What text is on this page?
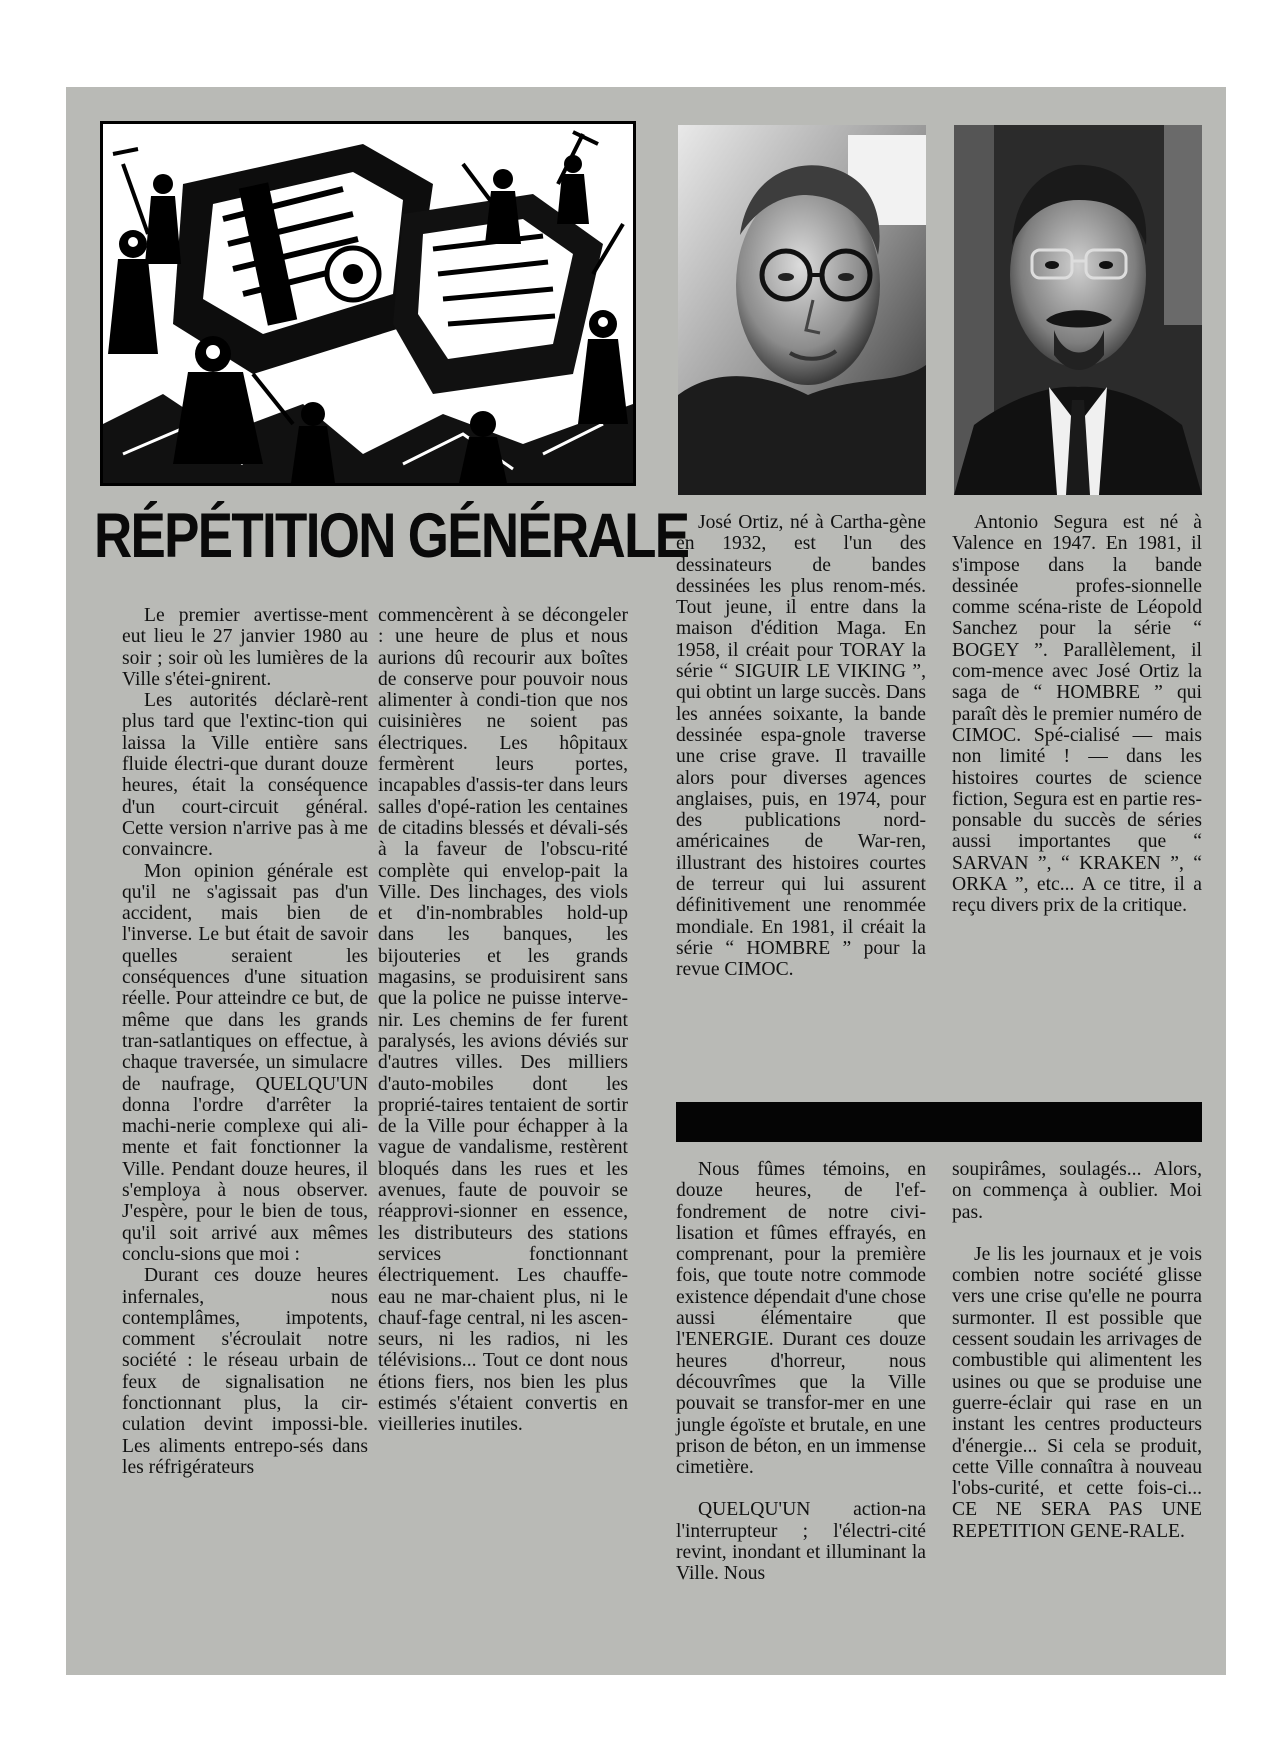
RÉPÉTITION GÉNÉRALE

Le premier avertisse-ment eut lieu le 27 janvier 1980 au soir ; soir où les lumières de la Ville s'étei-gnirent.

Les autorités déclarè-rent plus tard que l'extinc-tion qui laissa la Ville entière sans fluide électri-que durant douze heures, était la conséquence d'un court-circuit général. Cette version n'arrive pas à me convaincre.

Mon opinion générale est qu'il ne s'agissait pas d'un accident, mais bien de l'inverse. Le but était de savoir quelles seraient les conséquences d'une situation réelle. Pour atteindre ce but, de même que dans les grands tran-satlantiques on effectue, à chaque traversée, un simulacre de naufrage, QUELQU'UN donna l'ordre d'arrêter la machi-nerie complexe qui ali-mente et fait fonctionner la Ville. Pendant douze heures, il s'employa à nous observer. J'espère, pour le bien de tous, qu'il soit arrivé aux mêmes conclu-sions que moi :

Durant ces douze heures infernales, nous contemplâmes, impotents, comment s'écroulait notre société : le réseau urbain de feux de signalisation ne fonctionnant plus, la cir-culation devint impossi-ble. Les aliments entrepo-sés dans les réfrigérateurs

commencèrent à se décongeler : une heure de plus et nous aurions dû recourir aux boîtes de conserve pour pouvoir nous alimenter à condi-tion que nos cuisinières ne soient pas électriques. Les hôpitaux fermèrent leurs portes, incapables d'assis-ter dans leurs salles d'opé-ration les centaines de citadins blessés et dévali-sés à la faveur de l'obscu-rité complète qui envelop-pait la Ville. Des linchages, des viols et d'in-nombrables hold-up dans les banques, les bijouteries et les grands magasins, se produisirent sans que la police ne puisse interve-nir. Les chemins de fer furent paralysés, les avions déviés sur d'autres villes. Des milliers d'auto-mobiles dont les proprié-taires tentaient de sortir de la Ville pour échapper à la vague de vandalisme, restèrent bloqués dans les rues et les avenues, faute de pouvoir se réapprovi-sionner en essence, les distributeurs des stations services fonctionnant électriquement. Les chauffe-eau ne mar-chaient plus, ni le chauf-fage central, ni les ascen-seurs, ni les radios, ni les télévisions... Tout ce dont nous étions fiers, nos bien les plus estimés s'étaient convertis en vieilleries inutiles.

José Ortiz, né à Cartha-gène en 1932, est l'un des dessinateurs de bandes dessinées les plus renom-més. Tout jeune, il entre dans la maison d'édition Maga. En 1958, il créait pour TORAY la série “ SIGUIR LE VIKING ”, qui obtint un large succès. Dans les années soixante, la bande dessinée espa-gnole traverse une crise grave. Il travaille alors pour diverses agences anglaises, puis, en 1974, pour des publications nord-américaines de War-ren, illustrant des histoires courtes de terreur qui lui assurent définitivement une renommée mondiale. En 1981, il créait la série “ HOMBRE ” pour la revue CIMOC.

Antonio Segura est né à Valence en 1947. En 1981, il s'impose dans la bande dessinée profes-sionnelle comme scéna-riste de Léopold Sanchez pour la série “ BOGEY ”. Parallèlement, il com-mence avec José Ortiz la saga de “ HOMBRE ” qui paraît dès le premier numéro de CIMOC. Spé-cialisé — mais non limité ! — dans les histoires courtes de science fiction, Segura est en partie res-ponsable du succès de séries aussi importantes que “ SARVAN ”, “ KRAKEN ”, “ ORKA ”, etc... A ce titre, il a reçu divers prix de la critique.

Nous fûmes témoins, en douze heures, de l'ef-fondrement de notre civi-lisation et fûmes effrayés, en comprenant, pour la première fois, que toute notre commode existence dépendait d'une chose aussi élémentaire que l'ENERGIE. Durant ces douze heures d'horreur, nous découvrîmes que la Ville pouvait se transfor-mer en une jungle égoïste et brutale, en une prison de béton, en un immense cimetière.

QUELQU'UN action-na l'interrupteur ; l'électri-cité revint, inondant et illuminant la Ville. Nous

soupirâmes, soulagés... Alors, on commença à oublier. Moi pas.

Je lis les journaux et je vois combien notre société glisse vers une crise qu'elle ne pourra surmonter. Il est possible que cessent soudain les arrivages de combustible qui alimentent les usines ou que se produise une guerre-éclair qui rase en un instant les centres producteurs d'énergie... Si cela se produit, cette Ville connaîtra à nouveau l'obs-curité, et cette fois-ci... CE NE SERA PAS UNE REPETITION GENE-RALE.
